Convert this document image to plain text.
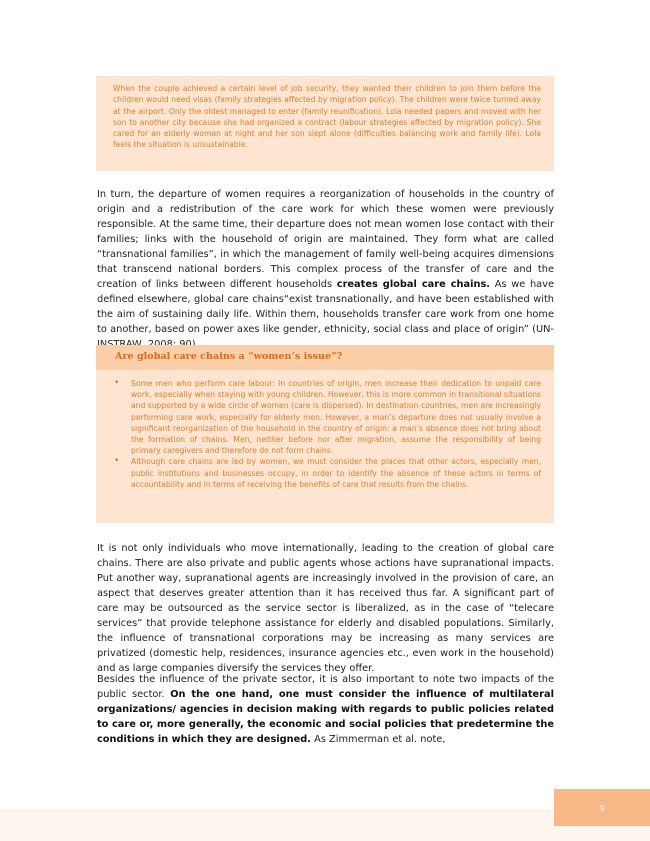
When the couple achieved a certain level of job security, they wanted their children to join them before the children would need visas (family strategies affected by migration policy). The children were twice turned away at the airport. Only the oldest managed to enter (family reunification). Lola needed papers and moved with her son to another city because she had organized a contract (labour strategies affected by migration policy). She cared for an elderly woman at night and her son slept alone (difficulties balancing work and family life). Lola feels the situation is unsustainable.
In turn, the departure of women requires a reorganization of households in the country of origin and a redistribution of the care work for which these women were previously responsible. At the same time, their departure does not mean women lose contact with their families; links with the household of origin are maintained. They form what are called “transnational families”, in which the management of family well-being acquires dimensions that transcend national borders. This complex process of the transfer of care and the creation of links between different households creates global care chains. As we have defined elsewhere, global care chains“exist transnationally, and have been established with the aim of sustaining daily life. Within them, households transfer care work from one home to another, based on power axes like gender, ethnicity, social class and place of origin” (UN-
Are global care chains a “women’s issue”?
• Some men who perform care labour: In countries of origin, men increase their dedication to unpaid care work, especially when staying with young children. However, this is more common in transitional situations and supported by a wide circle of women (care is dispersed). In destination countries, men are increasingly performing care work, especially for elderly men. However, a man’s departure does not usually involve a significant reorganization of the household in the country of origin: a man’s absence does not bring about the formation of chains. Men, neither before nor after migration, assume the responsibility of being primary caregivers and therefore do not form chains.
• Although care chains are led by women, we must consider the places that other actors, especially men, public institutions and businesses occupy, in order to identify the absence of these actors in terms of accountability and in terms of receiving the benefits of care that results from the chains.
It is not only individuals who move internationally, leading to the creation of global care chains. There are also private and public agents whose actions have supranational impacts. Put another way, supranational agents are increasingly involved in the provision of care, an aspect that deserves greater attention than it has received thus far. A significant part of care may be outsourced as the service sector is liberalized, as in the case of “telecare services” that provide telephone assistance for elderly and disabled populations. Similarly, the influence of transnational corporations may be increasing as many services are privatized (domestic help, residences, insurance agencies etc., even work in the household) and as large companies diversify the services they offer.
Besides the influence of the private sector, it is also important to note two impacts of the public sector. On the one hand, one must consider the influence of multilateral organizations/ agencies in decision making with regards to public policies related to care or, more generally, the economic and social policies that predetermine the conditions in which they are designed. As Zimmerman et al. note,
9
